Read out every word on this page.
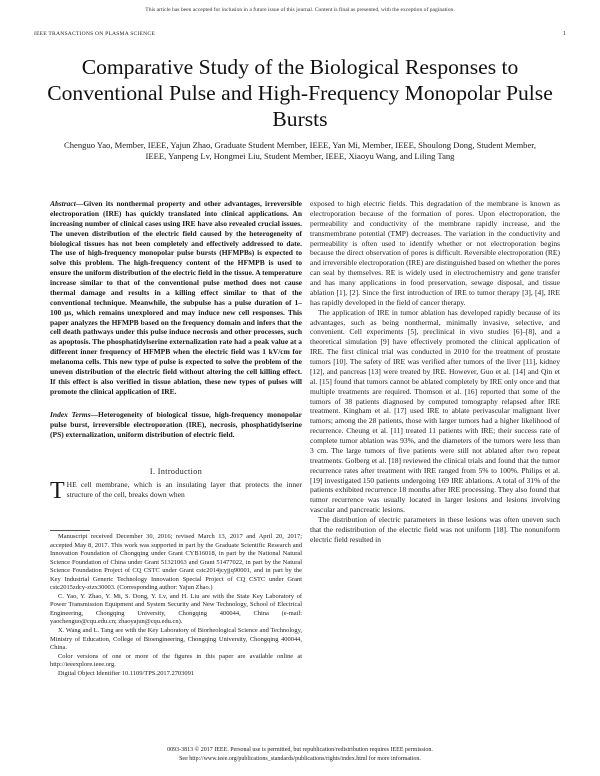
This article has been accepted for inclusion in a future issue of this journal. Content is final as presented, with the exception of pagination.
IEEE TRANSACTIONS ON PLASMA SCIENCE	1
Comparative Study of the Biological Responses to Conventional Pulse and High-Frequency Monopolar Pulse Bursts
Chenguo Yao, Member, IEEE, Yajun Zhao, Graduate Student Member, IEEE, Yan Mi, Member, IEEE, Shoulong Dong, Student Member, IEEE, Yanpeng Lv, Hongmei Liu, Student Member, IEEE, Xiaoyu Wang, and Liling Tang

Abstract—Given its nonthermal property and other advantages, irreversible electroporation (IRE) has quickly translated into clinical applications. An increasing number of clinical cases using IRE have also revealed crucial issues. The uneven distribution of the electric field caused by the heterogeneity of biological tissues has not been completely and effectively addressed to date. The use of high-frequency monopolar pulse bursts (HFMPBs) is expected to solve this problem. The high-frequency content of the HFMPB is used to ensure the uniform distribution of the electric field in the tissue. A temperature increase similar to that of the conventional pulse method does not cause thermal damage and results in a killing effect similar to that of the conventional technique. Meanwhile, the subpulse has a pulse duration of 1–100 μs, which remains unexplored and may induce new cell responses. This paper analyzes the HFMPB based on the frequency domain and infers that the cell death pathways under this pulse induce necrosis and other processes, such as apoptosis. The phosphatidylserine externalization rate had a peak value at a different inner frequency of HFMPB when the electric field was 1 kV/cm for melanoma cells. This new type of pulse is expected to solve the problem of the uneven distribution of the electric field without altering the cell killing effect. If this effect is also verified in tissue ablation, these new types of pulses will promote the clinical application of IRE.

Index Terms—Heterogeneity of biological tissue, high-frequency monopolar pulse burst, irreversible electroporation (IRE), necrosis, phosphatidylserine (PS) externalization, uniform distribution of electric field.

I. Introduction

THE cell membrane, which is an insulating layer that protects the inner structure of the cell, breaks down when

Manuscript received December 30, 2016; revised March 13, 2017 and April 20, 2017; accepted May 8, 2017. This work was supported in part by the Graduate Scientific Research and Innovation Foundation of Chongqing under Grant CYB16018, in part by the National Natural Science Foundation of China under Grant 51321063 and Grant 51477022, in part by the Natural Science Foundation Project of CQ CSTC under Grant cstc2014jcyjjq90001, and in part by the Key Industrial Generic Technology Innovation Special Project of CQ CSTC under Grant cstc2015zdcy-ztzx30003. (Corresponding author: Yajun Zhao.)

C. Yao, Y. Zhao, Y. Mi, S. Dong, Y. Lv, and H. Liu are with the State Key Laboratory of Power Transmission Equipment and System Security and New Technology, School of Electrical Engineering, Chongqing University, Chongqing 400044, China (e-mail: yaochenguo@cqu.edu.cn; zhaoyajun@cqu.edu.cn).

X. Wang and L. Tang are with the Key Laboratory of Biorheological Science and Technology, Ministry of Education, College of Bioengineering, Chongqing University, Chongqing 400044, China.

Color versions of one or more of the figures in this paper are available online at http://ieeexplore.ieee.org.

Digital Object Identifier 10.1109/TPS.2017.2703091

exposed to high electric fields. This degradation of the membrane is known as electroporation because of the formation of pores. Upon electroporation, the permeability and conductivity of the membrane rapidly increase, and the transmembrane potential (TMP) decreases. The variation in the conductivity and permeability is often used to identify whether or not electroporation begins because the direct observation of pores is difficult. Reversible electroporation (RE) and irreversible electroporation (IRE) are distinguished based on whether the pores can seal by themselves. RE is widely used in electrochemistry and gene transfer and has many applications in food preservation, sewage disposal, and tissue ablation [1], [2]. Since the first introduction of IRE to tumor therapy [3], [4], IRE has rapidly developed in the field of cancer therapy.

The application of IRE in tumor ablation has developed rapidly because of its advantages, such as being nonthermal, minimally invasive, selective, and convenient. Cell experiments [5], preclinical in vivo studies [6]–[8], and a theoretical simulation [9] have effectively promoted the clinical application of IRE. The first clinical trial was conducted in 2010 for the treatment of prostate tumors [10]. The safety of IRE was verified after tumors of the liver [11], kidney [12], and pancreas [13] were treated by IRE. However, Guo et al. [14] and Qin et al. [15] found that tumors cannot be ablated completely by IRE only once and that multiple treatments are required. Thomson et al. [16] reported that some of the tumors of 38 patients diagnosed by computed tomography relapsed after IRE treatment. Kingham et al. [17] used IRE to ablate perivascular malignant liver tumors; among the 28 patients, those with larger tumors had a higher likelihood of recurrence. Cheung et al. [11] treated 11 patients with IRE; their success rate of complete tumor ablation was 93%, and the diameters of the tumors were less than 3 cm. The large tumors of five patients were still not ablated after two repeat treatments. Golberg et al. [18] reviewed the clinical trials and found that the tumor recurrence rates after treatment with IRE ranged from 5% to 100%. Philips et al. [19] investigated 150 patients undergoing 169 IRE ablations. A total of 31% of the patients exhibited recurrence 18 months after IRE processing. They also found that tumor recurrence was usually located in larger lesions and lesions involving vascular and pancreatic lesions.

The distribution of electric parameters in these lesions was often uneven such that the redistribution of the electric field was not uniform [18]. The nonuniform electric field resulted in

0093-3813 © 2017 IEEE. Personal use is permitted, but republication/redistribution requires IEEE permission.
See http://www.ieee.org/publications_standards/publications/rights/index.html for more information.
